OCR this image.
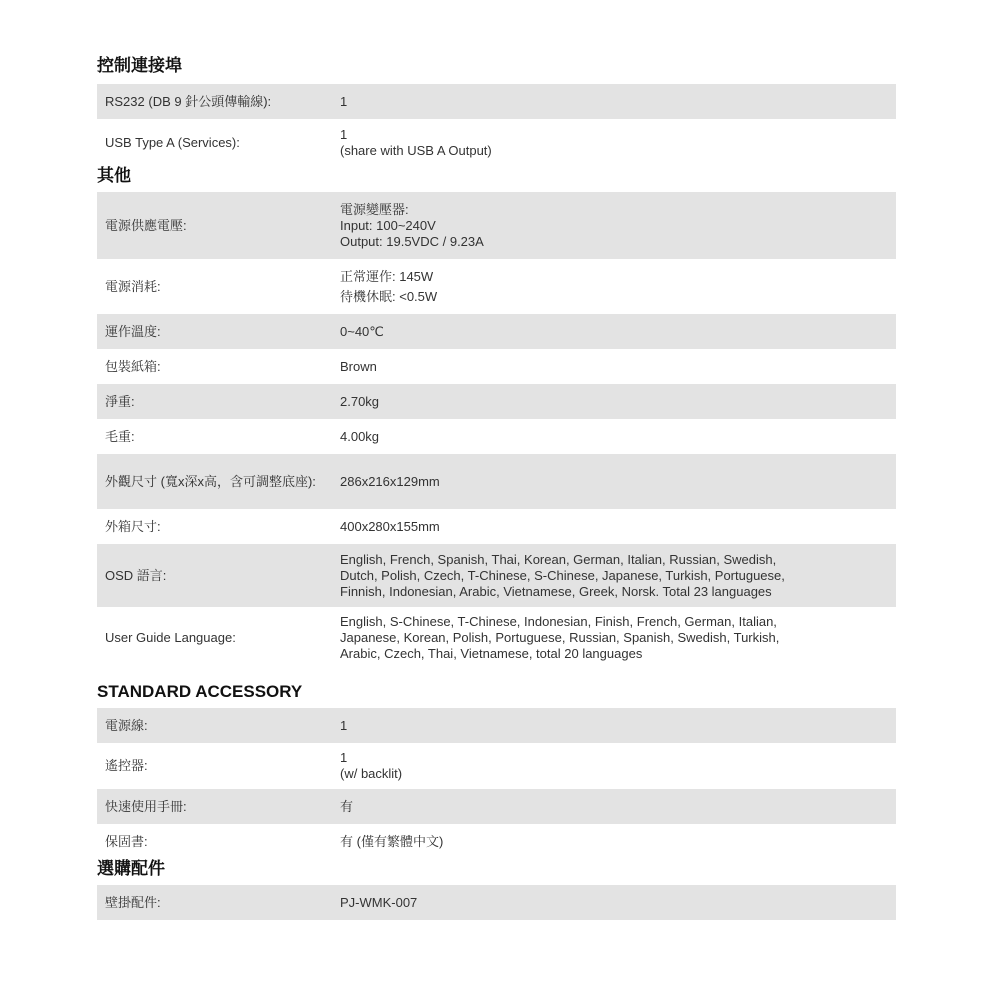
控制連接埠
RS232 (DB 9 針公頭傳輸線):	1
USB Type A (Services):
1
(share with USB A Output)
其他
電源供應電壓:
電源變壓器:
Input: 100~240V
Output: 19.5VDC / 9.23A
電源消耗:
正常運作: 145W
待機休眠: <0.5W
運作溫度:	0~40℃
包裝紙箱:	Brown
淨重:	2.70kg
毛重:	4.00kg
外觀尺寸 (寬x深x高，含可調整底座):	286x216x129mm
外箱尺寸:	400x280x155mm
OSD 語言:
English, French, Spanish, Thai, Korean, German, Italian, Russian, Swedish,
Dutch, Polish, Czech, T-Chinese, S-Chinese, Japanese, Turkish, Portuguese,
Finnish, Indonesian, Arabic, Vietnamese, Greek, Norsk. Total 23 languages
User Guide Language:
English, S-Chinese, T-Chinese, Indonesian, Finish, French, German, Italian,
Japanese, Korean, Polish, Portuguese, Russian, Spanish, Swedish, Turkish,
Arabic, Czech, Thai, Vietnamese, total 20 languages
STANDARD ACCESSORY
電源線:	1
遙控器:
1
(w/ backlit)
快速使用手冊:	有
保固書:	有 (僅有繁體中文)
選購配件
壁掛配件:	PJ-WMK-007
